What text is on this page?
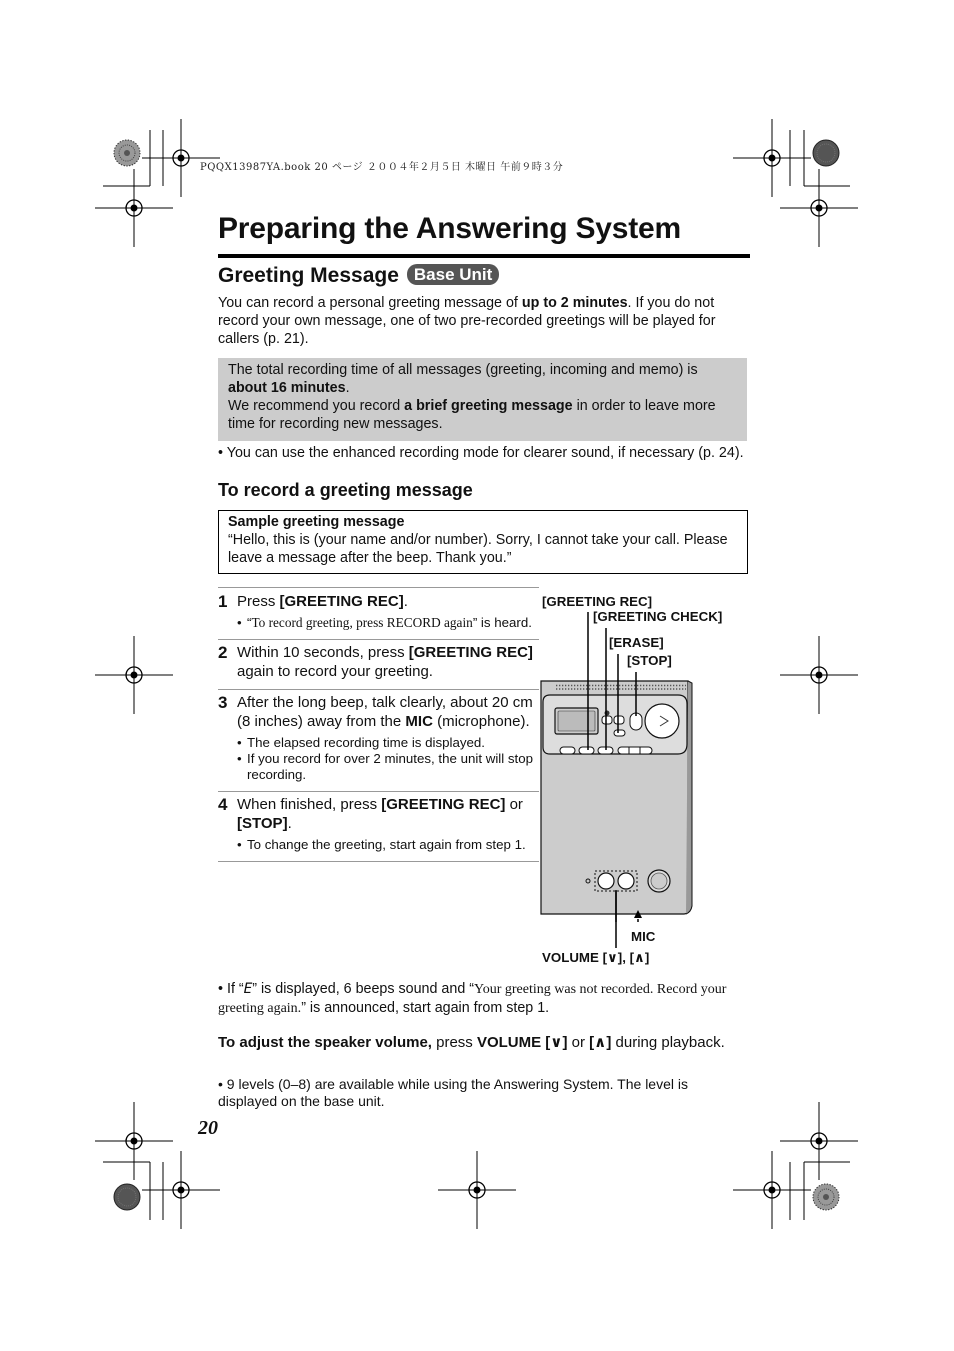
PQQX13987YA.book 20 ページ ２００４年２月５日 木曜日 午前９時３分
Preparing the Answering System
Greeting Message Base Unit
You can record a personal greeting message of up to 2 minutes. If you do not record your own message, one of two pre-recorded greetings will be played for callers (p. 21).
The total recording time of all messages (greeting, incoming and memo) is about 16 minutes.
We recommend you record a brief greeting message in order to leave more time for recording new messages.
• You can use the enhanced recording mode for clearer sound, if necessary (p. 24).
To record a greeting message
Sample greeting message
“Hello, this is (your name and/or number). Sorry, I cannot take your call. Please leave a message after the beep. Thank you.”
1 Press [GREETING REC].
• “To record greeting, press RECORD again” is heard.
2 Within 10 seconds, press [GREETING REC] again to record your greeting.
3 After the long beep, talk clearly, about 20 cm (8 inches) away from the MIC (microphone).
• The elapsed recording time is displayed.
• If you record for over 2 minutes, the unit will stop recording.
4 When finished, press [GREETING REC] or [STOP].
• To change the greeting, start again from step 1.
[GREETING REC]
[GREETING CHECK]
[ERASE]
[STOP]
MIC
VOLUME [∨], [∧]
• If “E” is displayed, 6 beeps sound and “Your greeting was not recorded. Record your greeting again.” is announced, start again from step 1.
To adjust the speaker volume, press VOLUME [∨] or [∧] during playback.
• 9 levels (0–8) are available while using the Answering System. The level is displayed on the base unit.
20
